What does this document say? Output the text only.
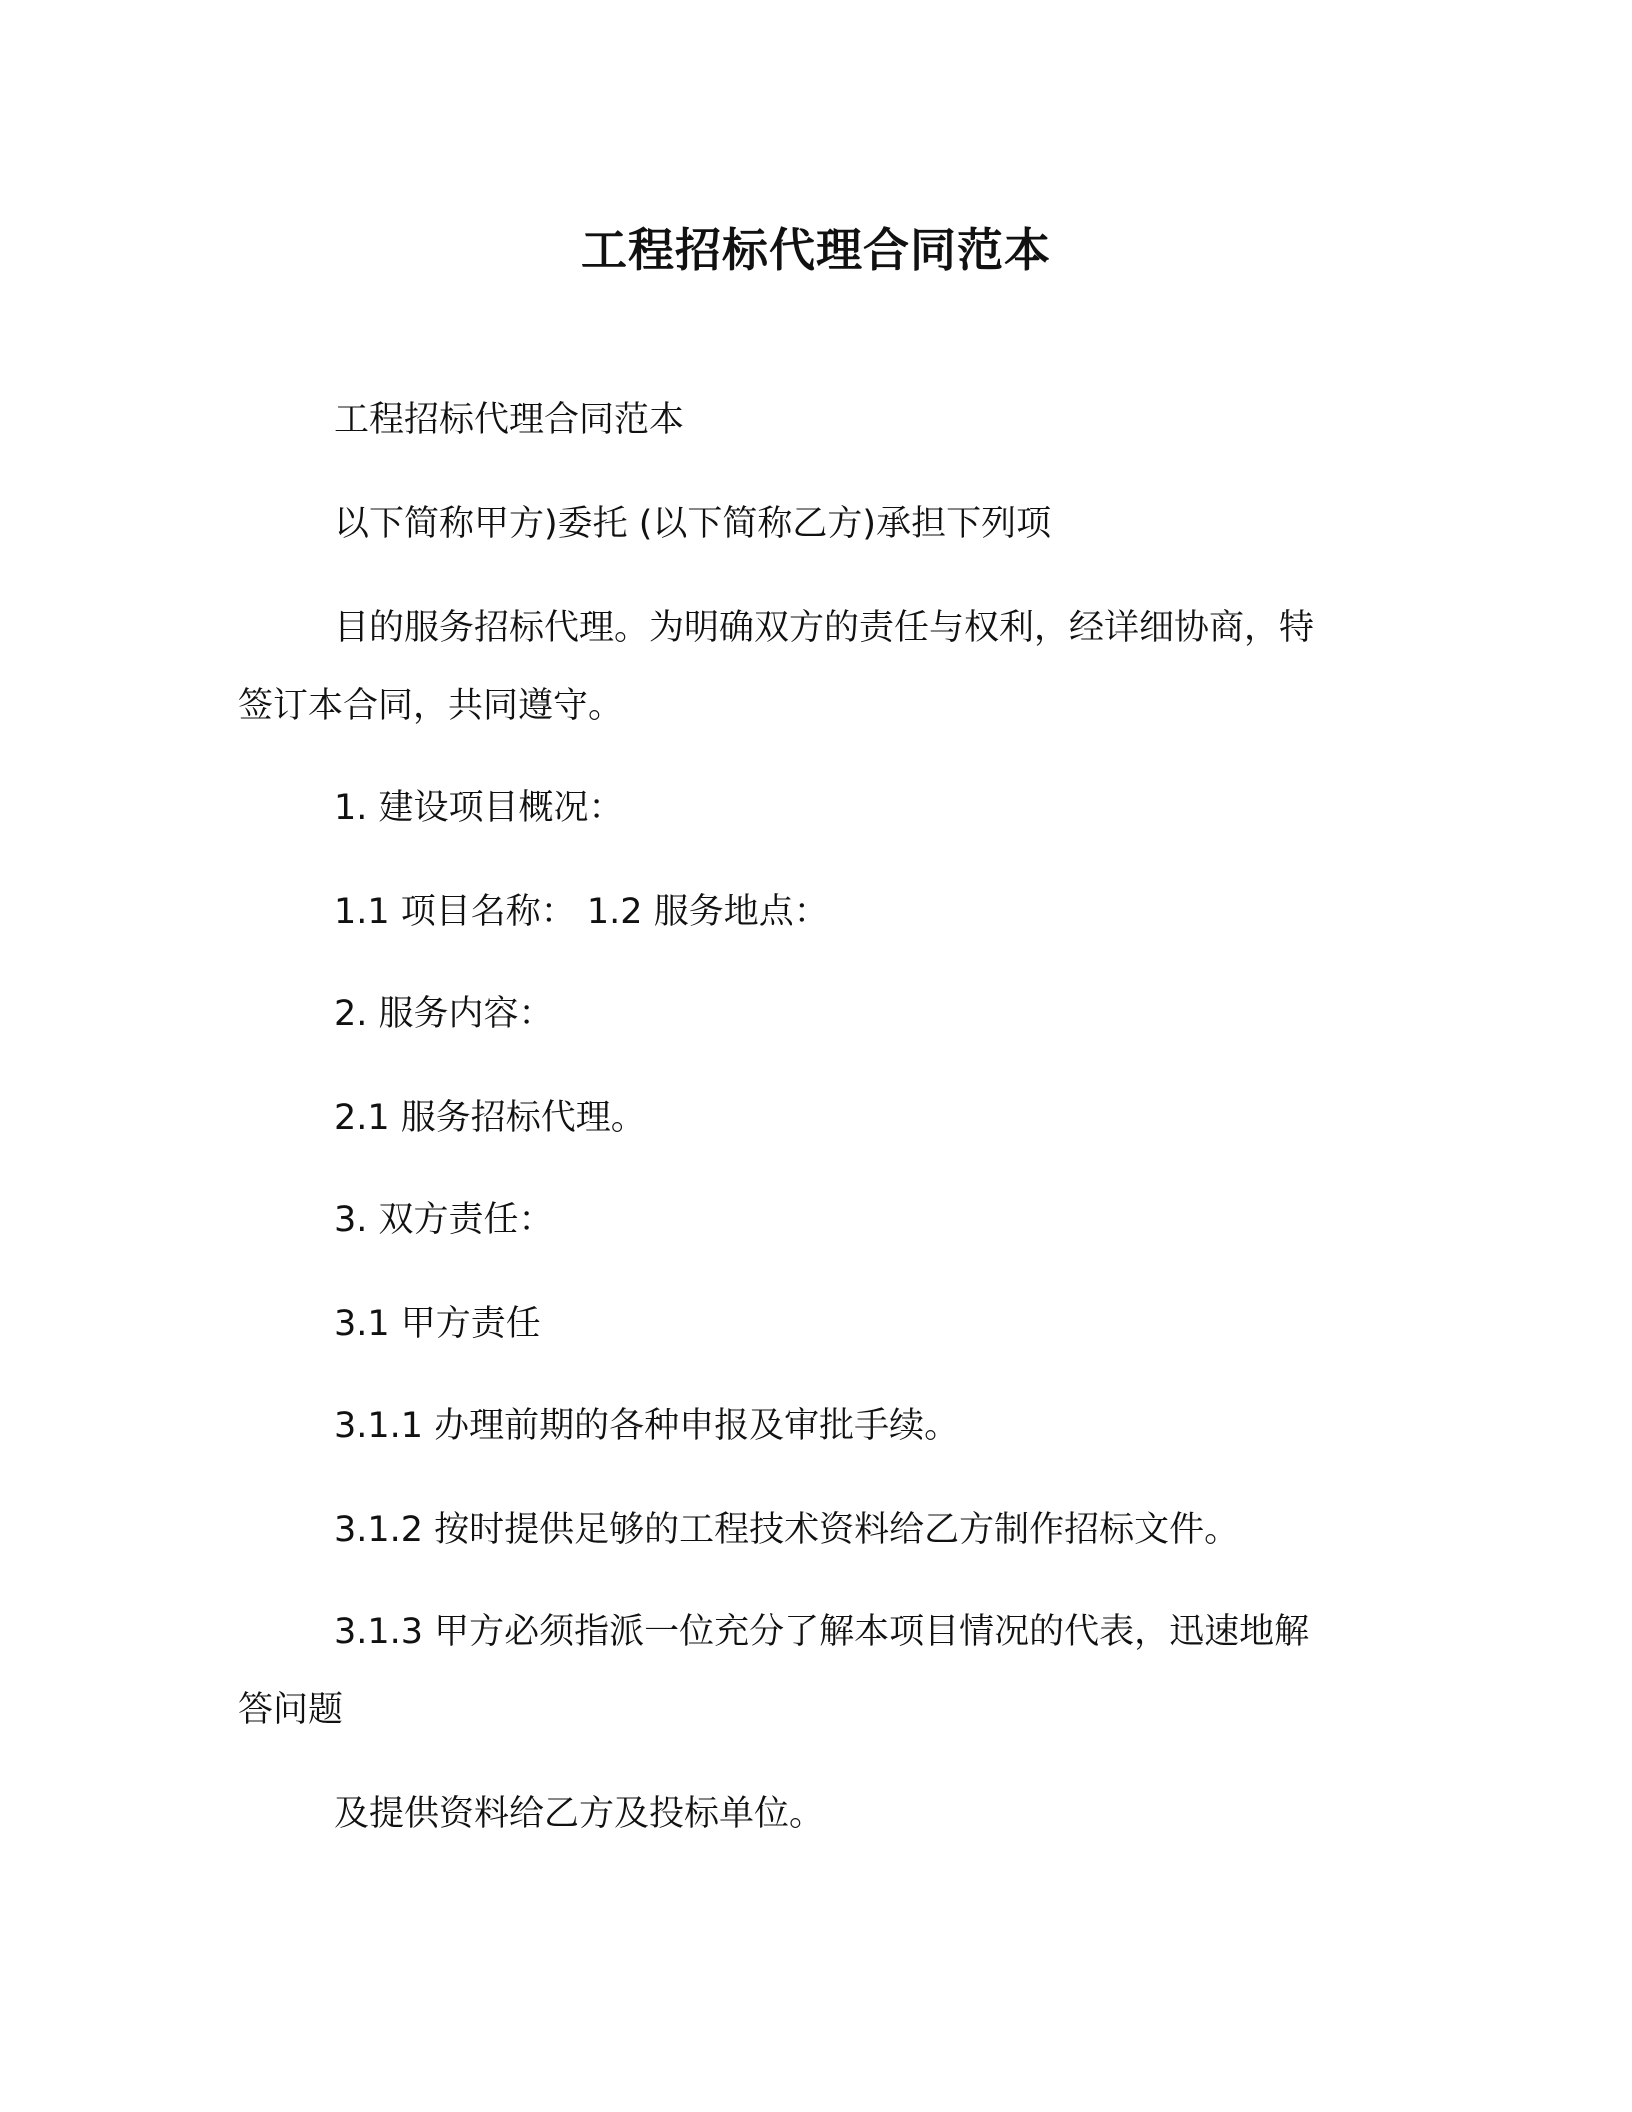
工程招标代理合同范本
工程招标代理合同范本
以下简称甲方)委托 (以下简称乙方)承担下列项
目的服务招标代理。为明确双方的责任与权利，经详细协商，特
签订本合同，共同遵守。
1. 建设项目概况：
1.1 项目名称： 1.2 服务地点：
2. 服务内容：
2.1 服务招标代理。
3. 双方责任：
3.1 甲方责任
3.1.1 办理前期的各种申报及审批手续。
3.1.2 按时提供足够的工程技术资料给乙方制作招标文件。
3.1.3 甲方必须指派一位充分了解本项目情况的代表，迅速地解
答问题
及提供资料给乙方及投标单位。
